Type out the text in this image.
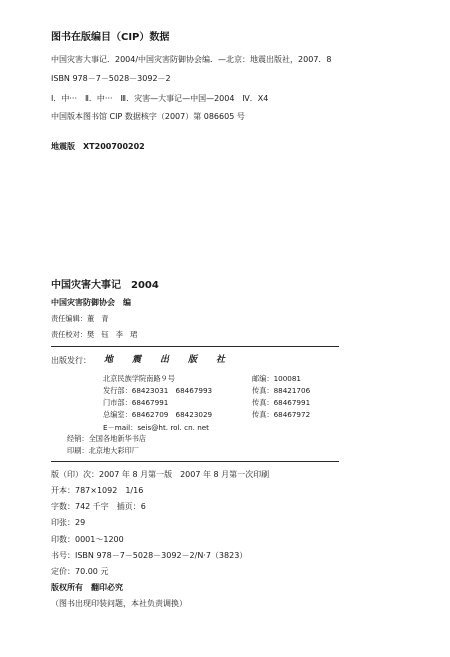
图书在版编目（CIP）数据
中国灾害大事记．2004/中国灾害防御协会编．—北京：地震出版社，2007．8
ISBN 978－7－5028－3092－2
Ⅰ．中···　Ⅱ．中···　Ⅲ．灾害—大事记—中国—2004　Ⅳ．X4
中国版本图书馆 CIP 数据核字（2007）第 086605 号
地震版　XT200700202
中国灾害大事记　2004
中国灾害防御协会　编
责任编辑：董　青
责任校对：樊　钰　李　珺
出版发行： 地　震　出　版　社
北京民族学院南路９号	邮编：100081
发行部：68423031　68467993	传真：88421706
门市部：68467991	传真：68467991
总编室：68462709　68423029	传真：68467972
E－mail：seis@ht. rol. cn. net
经销：全国各地新华书店
印刷：北京地大彩印厂
版（印）次：2007 年 8 月第一版　2007 年 8 月第一次印刷
开本：787×1092　1/16
字数：742 千字　插页：6
印张：29
印数：0001～1200
书号：ISBN 978－7－5028－3092－2/N·7（3823）
定价：70.00 元
版权所有　翻印必究
（图书出现印装问题，本社负责调换）
